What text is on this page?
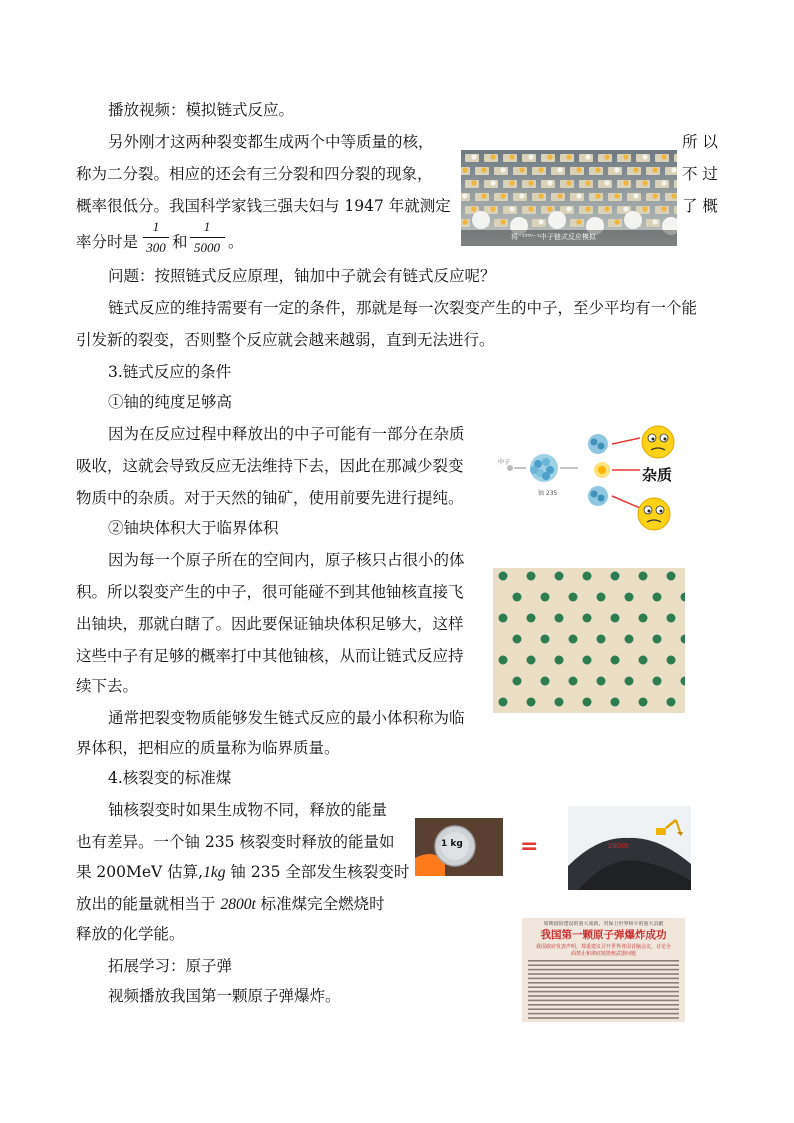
播放视频：模拟链式反应。
另外刚才这两种裂变都生成两个中等质量的核，	所 以
称为二分裂。相应的还会有三分裂和四分裂的现象，	不 过
概率很低分。我国科学家钱三强夫妇与 1947 年就测定	了 概
率分时是
1
300 和
1
5000 。
问题：按照链式反应原理，铀加中子就会有链式反应呢？
链式反应的维持需要有一定的条件，那就是每一次裂变产生的中子，至少平均有一个能
引发新的裂变，否则整个反应就会越来越弱，直到无法进行。
3.链式反应的条件
①铀的纯度足够高
因为在反应过程中释放出的中子可能有一部分在杂质
吸收，这就会导致反应无法维持下去，因此在那减少裂变
物质中的杂质。对于天然的铀矿，使用前要先进行提纯。
②铀块体积大于临界体积
因为每一个原子所在的空间内，原子核只占很小的体
积。所以裂变产生的中子，很可能碰不到其他铀核直接飞
出铀块，那就白瞎了。因此要保证铀块体积足够大，这样
这些中子有足够的概率打中其他铀核，从而让链式反应持
续下去。
通常把裂变物质能够发生链式反应的最小体积称为临
界体积，把相应的质量称为临界质量。
4.核裂变的标准煤
铀核裂变时如果生成物不同，释放的能量
也有差异。一个铀 235 核裂变时释放的能量如
果 200MeV 估算,1kg 铀 235 全部发生核裂变时
放出的能量就相当于 2800t 标准煤完全燃烧时
释放的化学能。
拓展学习：原子弹
视频播放我国第一颗原子弹爆炸。
将⁻¹³⁵ᵁ⁻¹中子链式反应模拟
中子
铀 235
杂质
1 kg	=	2800t
如期国防建设的重大成就，对保卫世界和平的重大贡献
我国第一颗原子弹爆炸成功
我国政府发表声明，郑重建议召开世界各国首脑会议，讨论全面禁止和彻底销毁核武器问题
